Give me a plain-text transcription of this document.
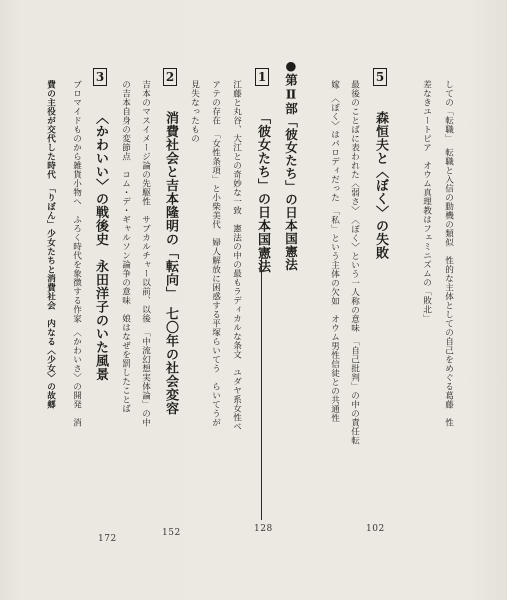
しての「転職」　転職と入信の動機の類似　性的な主体としての自己をめぐる葛藤　性
差なきユートピア　オウム真理教はフェミニズムの「敗北」
5 森恒夫と〈ぼく〉の失敗
最後のことばに表われた〈弱さ〉　〈ぼく〉という一人称の意味　「自己批判」の中の責任転
嫁　〈ぼく〉はパロディだった　「私」という主体の欠如　オウム男性信徒との共通性
102
●第Ⅱ部「彼女たち」の日本国憲法
1 「彼女たち」の日本国憲法
江藤と丸谷、大江との奇妙な一致　憲法の中の最もラディカルな条文　ユダヤ系女性ベ
アテの存在　「女性条項」と小柴美代　婦人解放に困惑する平塚らいてう　らいてうが
見失なったもの
128
2 消費社会と吉本隆明の「転向」　七〇年の社会変容
吉本のマスイメージ論の先駆性　サブカルチャー以前、以後　「中流幻想実体論」の中
の吉本自身の変節点　コム・デ・ギャルソン論争の意味　娘はなぜを罰したことば
152
3 〈かわいい〉の戦後史　永田洋子のいた風景
ブロマイドものから雑貨小物へ　ふろく時代を象徴する作家　〈かわいさ〉の開発　消
172
費の主役が交代した時代　「りぼん」少女たちと消費社会　内なる〈少女〉の故郷
